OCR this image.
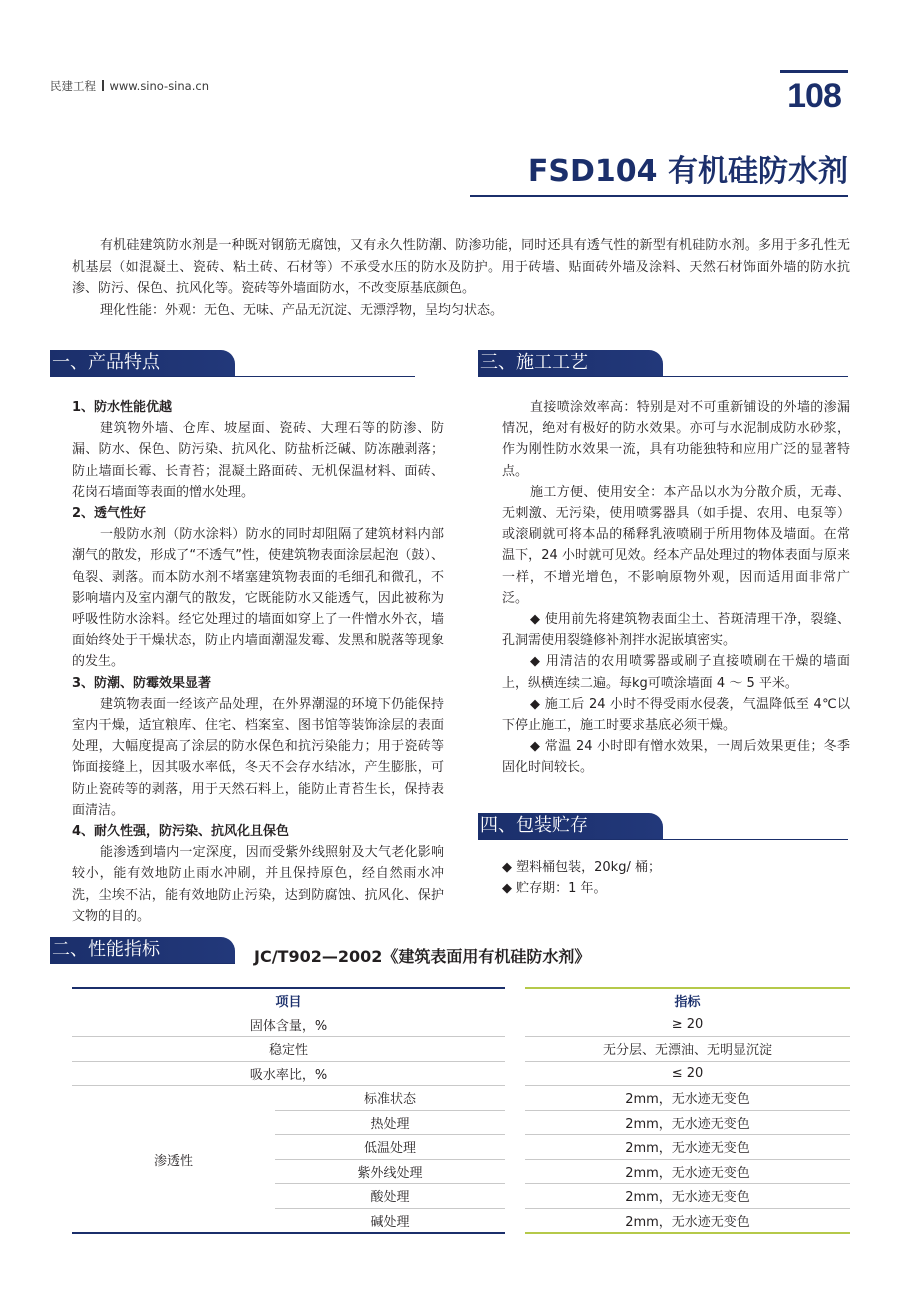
民建工程 www.sino-sina.cn	108
FSD104 有机硅防水剂

有机硅建筑防水剂是一种既对钢筋无腐蚀，又有永久性防潮、防渗功能，同时还具有透气性的新型有机硅防水剂。多用于多孔性无机基层（如混凝土、瓷砖、粘土砖、石材等）不承受水压的防水及防护。用于砖墙、贴面砖外墙及涂料、天然石材饰面外墙的防水抗渗、防污、保色、抗风化等。瓷砖等外墙面防水，不改变原基底颜色。

理化性能：外观：无色、无味、产品无沉淀、无漂浮物，呈均匀状态。

一、产品特点
1、防水性能优越

建筑物外墙、仓库、坡屋面、瓷砖、大理石等的防渗、防漏、防水、保色、防污染、抗风化、防盐析泛碱、防冻融剥落；防止墙面长霉、长青苔；混凝土路面砖、无机保温材料、面砖、花岗石墙面等表面的憎水处理。

2、透气性好

一般防水剂（防水涂料）防水的同时却阻隔了建筑材料内部潮气的散发，形成了“不透气”性，使建筑物表面涂层起泡（鼓）、龟裂、剥落。而本防水剂不堵塞建筑物表面的毛细孔和微孔，不影响墙内及室内潮气的散发，它既能防水又能透气，因此被称为呼吸性防水涂料。经它处理过的墙面如穿上了一件憎水外衣，墙面始终处于干燥状态，防止内墙面潮湿发霉、发黑和脱落等现象的发生。

3、防潮、防霉效果显著

建筑物表面一经该产品处理，在外界潮湿的环境下仍能保持室内干燥，适宜粮库、住宅、档案室、图书馆等装饰涂层的表面处理，大幅度提高了涂层的防水保色和抗污染能力；用于瓷砖等饰面接缝上，因其吸水率低，冬天不会存水结冰，产生膨胀，可防止瓷砖等的剥落，用于天然石料上，能防止青苔生长，保持表面清洁。

4、耐久性强，防污染、抗风化且保色

能渗透到墙内一定深度，因而受紫外线照射及大气老化影响较小，能有效地防止雨水冲刷，并且保持原色，经自然雨水冲洗，尘埃不沾，能有效地防止污染，达到防腐蚀、抗风化、保护文物的目的。

三、施工工艺

直接喷涂效率高：特别是对不可重新铺设的外墙的渗漏情况，绝对有极好的防水效果。亦可与水泥制成防水砂浆，作为刚性防水效果一流，具有功能独特和应用广泛的显著特点。

施工方便、使用安全：本产品以水为分散介质，无毒、无刺激、无污染，使用喷雾器具（如手提、农用、电泵等）或滚刷就可将本品的稀释乳液喷刷于所用物体及墙面。在常温下，24 小时就可见效。经本产品处理过的物体表面与原来一样，不增光增色，不影响原物外观，因而适用面非常广泛。

◆ 使用前先将建筑物表面尘土、苔斑清理干净，裂缝、孔洞需使用裂缝修补剂拌水泥嵌填密实。

◆ 用清洁的农用喷雾器或刷子直接喷刷在干燥的墙面上，纵横连续二遍。每kg可喷涂墙面 4 ～ 5 平米。

◆ 施工后 24 小时不得受雨水侵袭，气温降低至 4℃以下停止施工，施工时要求基底必须干燥。

◆ 常温 24 小时即有憎水效果，一周后效果更佳；冬季固化时间较长。

四、包装贮存
◆ 塑料桶包装，20kg/ 桶；
◆ 贮存期：1 年。
二、性能指标	JC/T902—2002《建筑表面用有机硅防水剂》
项目			指标
固体含量，%			≥ 20
稳定性			无分层、无漂油、无明显沉淀
吸水率比，%			≤ 20
渗透性	标准状态		2mm，无水迹无变色
	热处理		2mm，无水迹无变色
	低温处理		2mm，无水迹无变色
	紫外线处理		2mm，无水迹无变色
	酸处理		2mm，无水迹无变色
	碱处理		2mm，无水迹无变色
